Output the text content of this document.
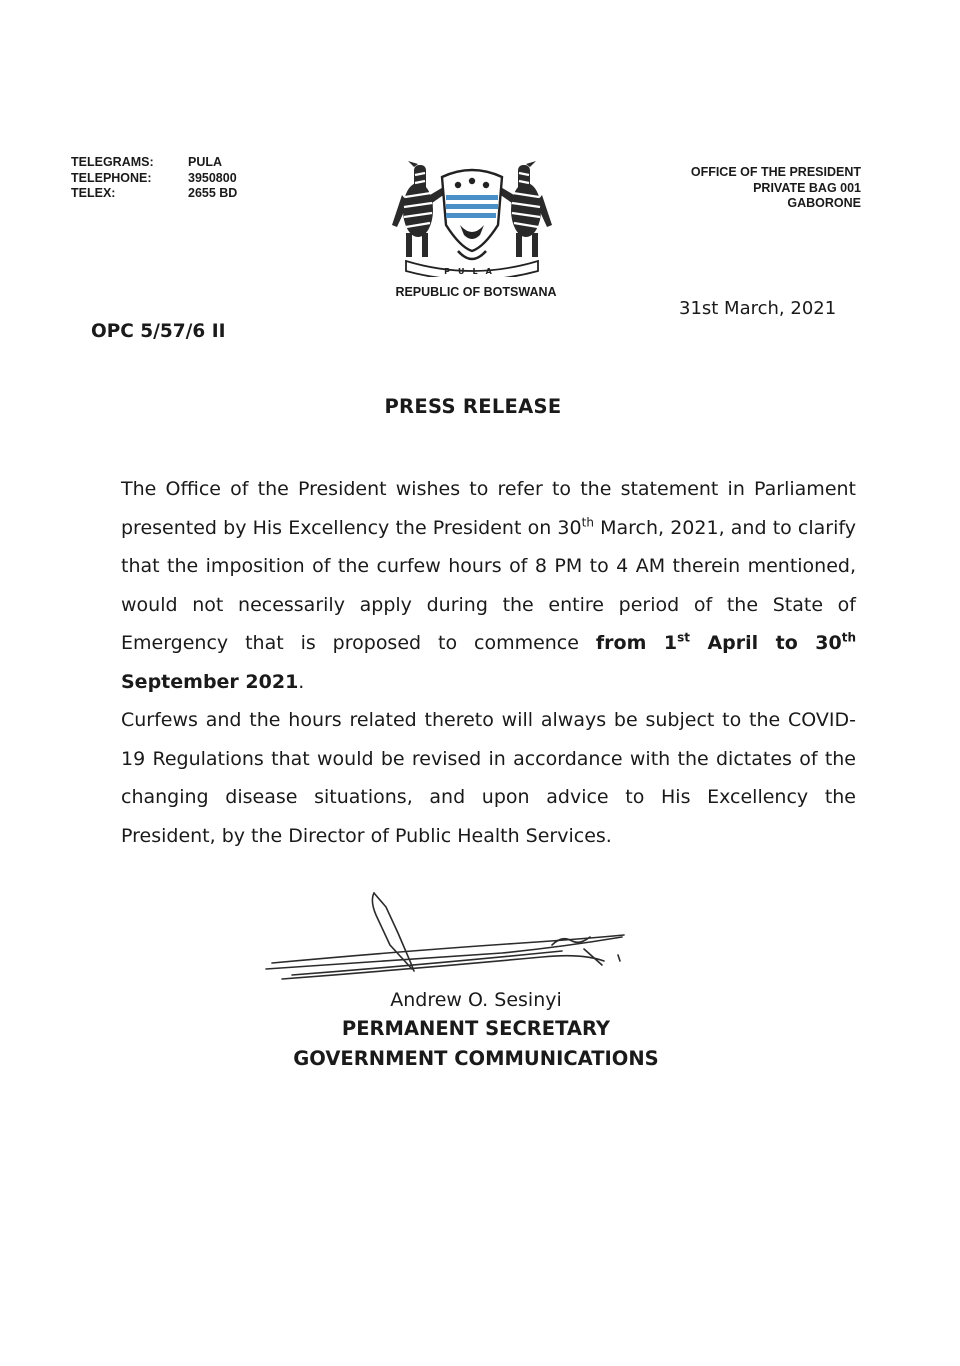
TELEGRAMS:	PULA
TELEPHONE:	3950800
TELEX:	2655 BD
PULA
OFFICE OF THE PRESIDENT
PRIVATE BAG 001
GABORONE
REPUBLIC OF BOTSWANA
31st March, 2021
OPC 5/57/6 II
PRESS RELEASE
The Office of the President wishes to refer to the statement in Parliament presented by His Excellency the President on 30th March, 2021, and to clarify that the imposition of the curfew hours of 8 PM to 4 AM therein mentioned, would not necessarily apply during the entire period of the State of Emergency that is proposed to commence from 1st April to 30th September 2021.
Curfews and the hours related thereto will always be subject to the COVID-19 Regulations that would be revised in accordance with the dictates of the changing disease situations, and upon advice to His Excellency the President, by the Director of Public Health Services.
Andrew O. Sesinyi
PERMANENT SECRETARY
GOVERNMENT COMMUNICATIONS
